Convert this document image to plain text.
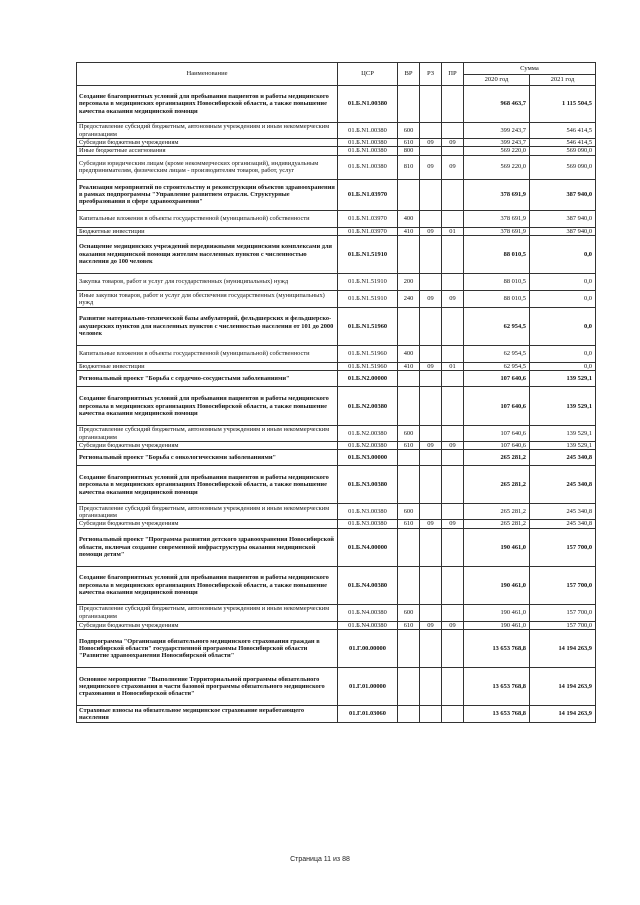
Наименование	ЦСР	ВР	РЗ	ПР	Сумма	
					2020 год	2021 год
Создание благоприятных условий для пребывания пациентов и работы медицинского персонала в медицинских организациях Новосибирской области, а также повышение качества оказания медицинской помощи	01.Б.N1.00380				968 463,7	1 115 504,5
Предоставление субсидий бюджетным, автономным учреждениям и иным некоммерческим организациям	01.Б.N1.00380	600			399 243,7	546 414,5
Субсидии бюджетным учреждениям	01.Б.N1.00380	610	09	09	399 243,7	546 414,5
Иные бюджетные ассигнования	01.Б.N1.00380	800			569 220,0	569 090,0
Субсидии юридическим лицам (кроме некоммерческих организаций), индивидуальным предпринимателям, физическим лицам - производителям товаров, работ, услуг	01.Б.N1.00380	810	09	09	569 220,0	569 090,0
Реализация мероприятий по строительству и реконструкции объектов здравоохранения в рамках подпрограммы "Управление развитием отрасли. Структурные преобразования в сфере здравоохранения"	01.Б.N1.03970				378 691,9	387 940,0
Капитальные вложения в объекты государственной (муниципальной) собственности	01.Б.N1.03970	400			378 691,9	387 940,0
Бюджетные инвестиции	01.Б.N1.03970	410	09	01	378 691,9	387 940,0
Оснащение медицинских учреждений передвижными медицинскими комплексами для оказания медицинской помощи жителям населенных пунктов с численностью населения до 100 человек	01.Б.N1.51910				88 010,5	0,0
Закупка товаров, работ и услуг для государственных (муниципальных) нужд	01.Б.N1.51910	200			88 010,5	0,0
Иные закупки товаров, работ и услуг для обеспечения государственных (муниципальных) нужд	01.Б.N1.51910	240	09	09	88 010,5	0,0
Развитие материально-технической базы амбулаторий, фельдшерских и фельдшерско-акушерских пунктов для населенных пунктов с численностью населения от 101 до 2000 человек	01.Б.N1.51960				62 954,5	0,0
Капитальные вложения в объекты государственной (муниципальной) собственности	01.Б.N1.51960	400			62 954,5	0,0
Бюджетные инвестиции	01.Б.N1.51960	410	09	01	62 954,5	0,0
Региональный проект "Борьба с сердечно-сосудистыми заболеваниями"	01.Б.N2.00000				107 640,6	139 529,1
Создание благоприятных условий для пребывания пациентов и работы медицинского персонала в медицинских организациях Новосибирской области, а также повышение качества оказания медицинской помощи	01.Б.N2.00380				107 640,6	139 529,1
Предоставление субсидий бюджетным, автономным учреждениям и иным некоммерческим организациям	01.Б.N2.00380	600			107 640,6	139 529,1
Субсидии бюджетным учреждениям	01.Б.N2.00380	610	09	09	107 640,6	139 529,1
Региональный проект "Борьба с онкологическими заболеваниями"	01.Б.N3.00000				265 281,2	245 340,8
Создание благоприятных условий для пребывания пациентов и работы медицинского персонала в медицинских организациях Новосибирской области, а также повышение качества оказания медицинской помощи	01.Б.N3.00380				265 281,2	245 340,8
Предоставление субсидий бюджетным, автономным учреждениям и иным некоммерческим организациям	01.Б.N3.00380	600			265 281,2	245 340,8
Субсидии бюджетным учреждениям	01.Б.N3.00380	610	09	09	265 281,2	245 340,8
Региональный проект "Программа развития детского здравоохранения Новосибирской области, включая создание современной инфраструктуры оказания медицинской помощи детям"	01.Б.N4.00000				190 461,0	157 700,0
Создание благоприятных условий для пребывания пациентов и работы медицинского персонала в медицинских организациях Новосибирской области, а также повышение качества оказания медицинской помощи	01.Б.N4.00380				190 461,0	157 700,0
Предоставление субсидий бюджетным, автономным учреждениям и иным некоммерческим организациям	01.Б.N4.00380	600			190 461,0	157 700,0
Субсидии бюджетным учреждениям	01.Б.N4.00380	610	09	09	190 461,0	157 700,0
Подпрограмма "Организация обязательного медицинского страхования граждан в Новосибирской области" государственной программы Новосибирской области "Развитие здравоохранения Новосибирской области"	01.Г.00.00000				13 653 768,8	14 194 263,9
Основное мероприятие "Выполнение Территориальной программы обязательного медицинского страхования в части базовой программы обязательного медицинского страхования в Новосибирской области"	01.Г.01.00000				13 653 768,8	14 194 263,9
Страховые взносы на обязательное медицинское страхование неработающего населения	01.Г.01.03060				13 653 768,8	14 194 263,9
Страница 11 из 88
